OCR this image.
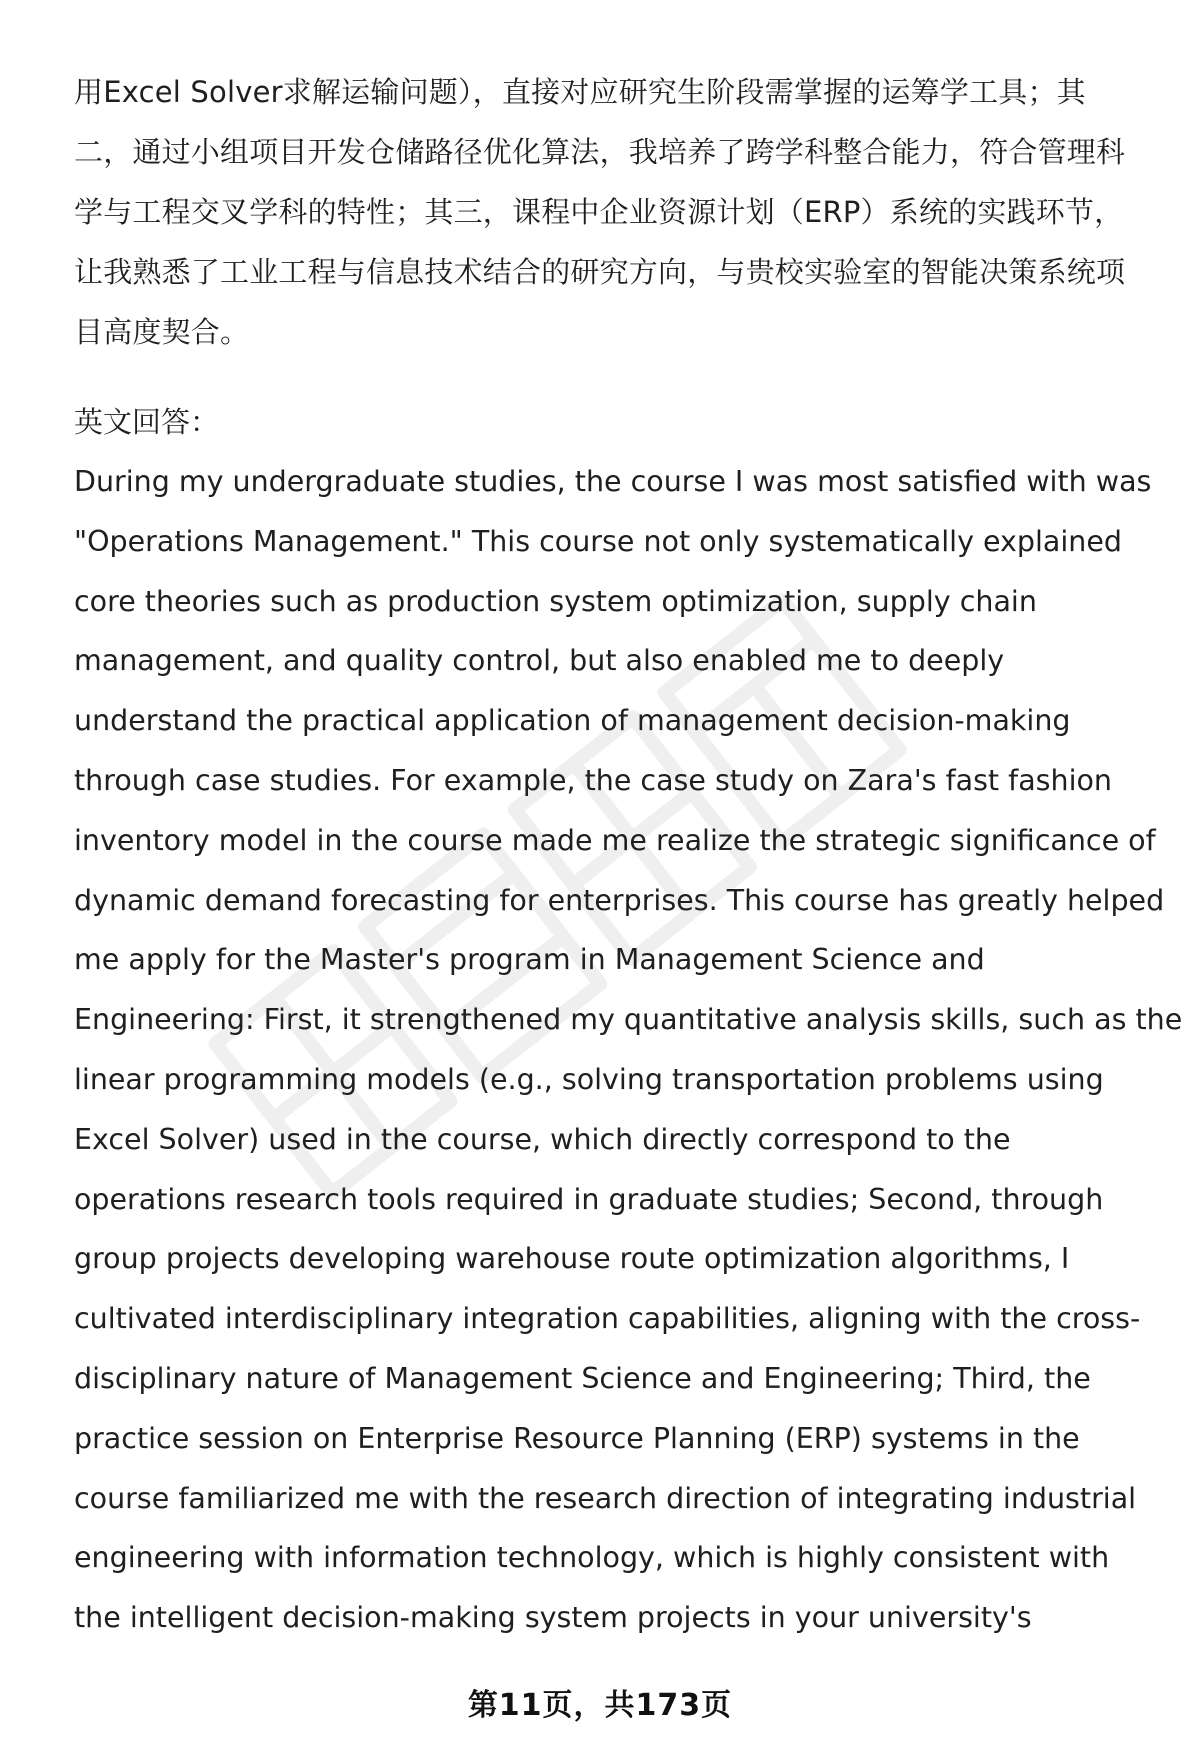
用Excel Solver求解运输问题），直接对应研究生阶段需掌握的运筹学工具；其
二，通过小组项目开发仓储路径优化算法，我培养了跨学科整合能力，符合管理科
学与工程交叉学科的特性；其三，课程中企业资源计划（ERP）系统的实践环节，
让我熟悉了工业工程与信息技术结合的研究方向，与贵校实验室的智能决策系统项
目高度契合。

英文回答：

During my undergraduate studies, the course I was most satisfied with was
"Operations Management." This course not only systematically explained
core theories such as production system optimization, supply chain
management, and quality control, but also enabled me to deeply
understand the practical application of management decision-making
through case studies. For example, the case study on Zara's fast fashion
inventory model in the course made me realize the strategic significance of
dynamic demand forecasting for enterprises. This course has greatly helped
me apply for the Master's program in Management Science and
Engineering: First, it strengthened my quantitative analysis skills, such as the
linear programming models (e.g., solving transportation problems using
Excel Solver) used in the course, which directly correspond to the
operations research tools required in graduate studies; Second, through
group projects developing warehouse route optimization algorithms, I
cultivated interdisciplinary integration capabilities, aligning with the cross-
disciplinary nature of Management Science and Engineering; Third, the
practice session on Enterprise Resource Planning (ERP) systems in the
course familiarized me with the research direction of integrating industrial
engineering with information technology, which is highly consistent with
the intelligent decision-making system projects in your university's

第11页，共173页
